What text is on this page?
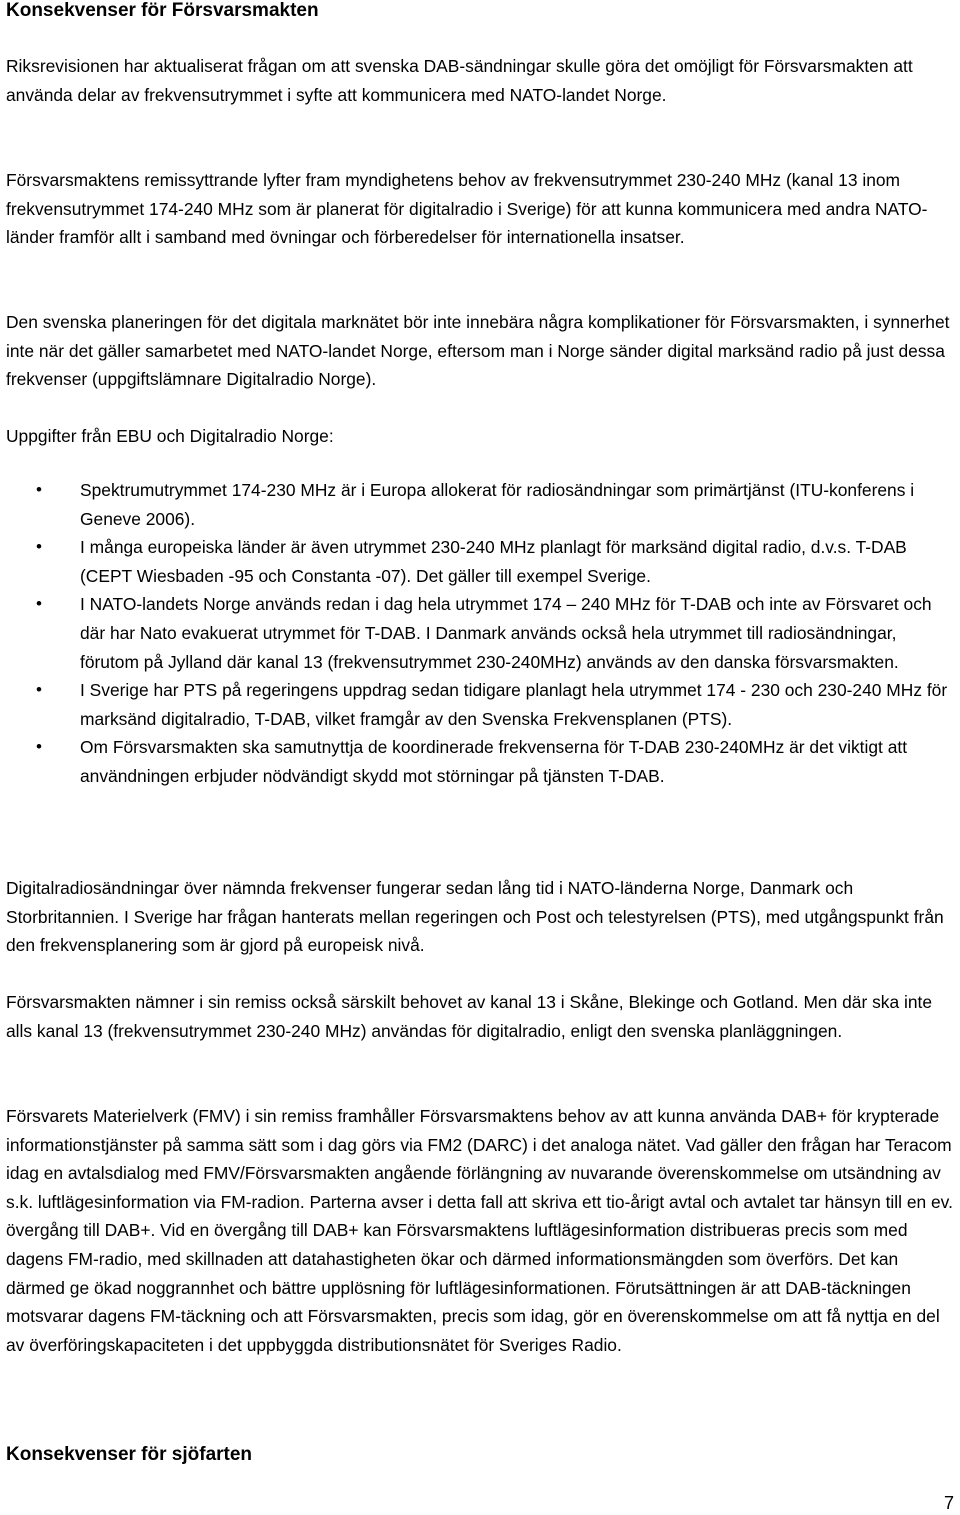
Konsekvenser för Försvarsmakten

Riksrevisionen har aktualiserat frågan om att svenska DAB-sändningar skulle göra det omöjligt för Försvarsmakten att använda delar av frekvensutrymmet i syfte att kommunicera med NATO-landet Norge.

Försvarsmaktens remissyttrande lyfter fram myndighetens behov av frekvensutrymmet 230-240 MHz (kanal 13 inom frekvensutrymmet 174-240 MHz som är planerat för digitalradio i Sverige) för att kunna kommunicera med andra NATO-länder framför allt i samband med övningar och förberedelser för internationella insatser.

Den svenska planeringen för det digitala marknätet bör inte innebära några komplikationer för Försvarsmakten, i synnerhet inte när det gäller samarbetet med NATO-landet Norge, eftersom man i Norge sänder digital marksänd radio på just dessa frekvenser (uppgiftslämnare Digitalradio Norge).

Uppgifter från EBU och Digitalradio Norge:

• Spektrumutrymmet 174-230 MHz är i Europa allokerat för radiosändningar som primärtjänst (ITU-konferens i Geneve 2006).
• I många europeiska länder är även utrymmet 230-240 MHz planlagt för marksänd digital radio, d.v.s. T-DAB (CEPT Wiesbaden -95 och Constanta -07). Det gäller till exempel Sverige.
• I NATO-landets Norge används redan i dag hela utrymmet 174 – 240 MHz för T-DAB och inte av Försvaret och där har Nato evakuerat utrymmet för T-DAB. I Danmark används också hela utrymmet till radiosändningar, förutom på Jylland där kanal 13 (frekvensutrymmet 230-240MHz) används av den danska försvarsmakten.
• I Sverige har PTS på regeringens uppdrag sedan tidigare planlagt hela utrymmet 174 - 230 och 230-240 MHz för marksänd digitalradio, T-DAB, vilket framgår av den Svenska Frekvensplanen (PTS).
• Om Försvarsmakten ska samutnyttja de koordinerade frekvenserna för T-DAB 230-240MHz är det viktigt att användningen erbjuder nödvändigt skydd mot störningar på tjänsten T-DAB.

Digitalradiosändningar över nämnda frekvenser fungerar sedan lång tid i NATO-länderna Norge, Danmark och Storbritannien. I Sverige har frågan hanterats mellan regeringen och Post och telestyrelsen (PTS), med utgångspunkt från den frekvensplanering som är gjord på europeisk nivå.

Försvarsmakten nämner i sin remiss också särskilt behovet av kanal 13 i Skåne, Blekinge och Gotland. Men där ska inte alls kanal 13 (frekvensutrymmet 230-240 MHz) användas för digitalradio, enligt den svenska planläggningen.

Försvarets Materielverk (FMV) i sin remiss framhåller Försvarsmaktens behov av att kunna använda DAB+ för krypterade informationstjänster på samma sätt som i dag görs via FM2 (DARC) i det analoga nätet. Vad gäller den frågan har Teracom idag en avtalsdialog med FMV/Försvarsmakten angående förlängning av nuvarande överenskommelse om utsändning av s.k. luftlägesinformation via FM-radion. Parterna avser i detta fall att skriva ett tio-årigt avtal och avtalet tar hänsyn till en ev. övergång till DAB+. Vid en övergång till DAB+ kan Försvarsmaktens luftlägesinformation distribueras precis som med dagens FM-radio, med skillnaden att datahastigheten ökar och därmed informationsmängden som överförs. Det kan därmed ge ökad noggrannhet och bättre upplösning för luftlägesinformationen. Förutsättningen är att DAB-täckningen motsvarar dagens FM-täckning och att Försvarsmakten, precis som idag, gör en överenskommelse om att få nyttja en del av överföringskapaciteten i det uppbyggda distributionsnätet för Sveriges Radio.

Konsekvenser för sjöfarten
7
